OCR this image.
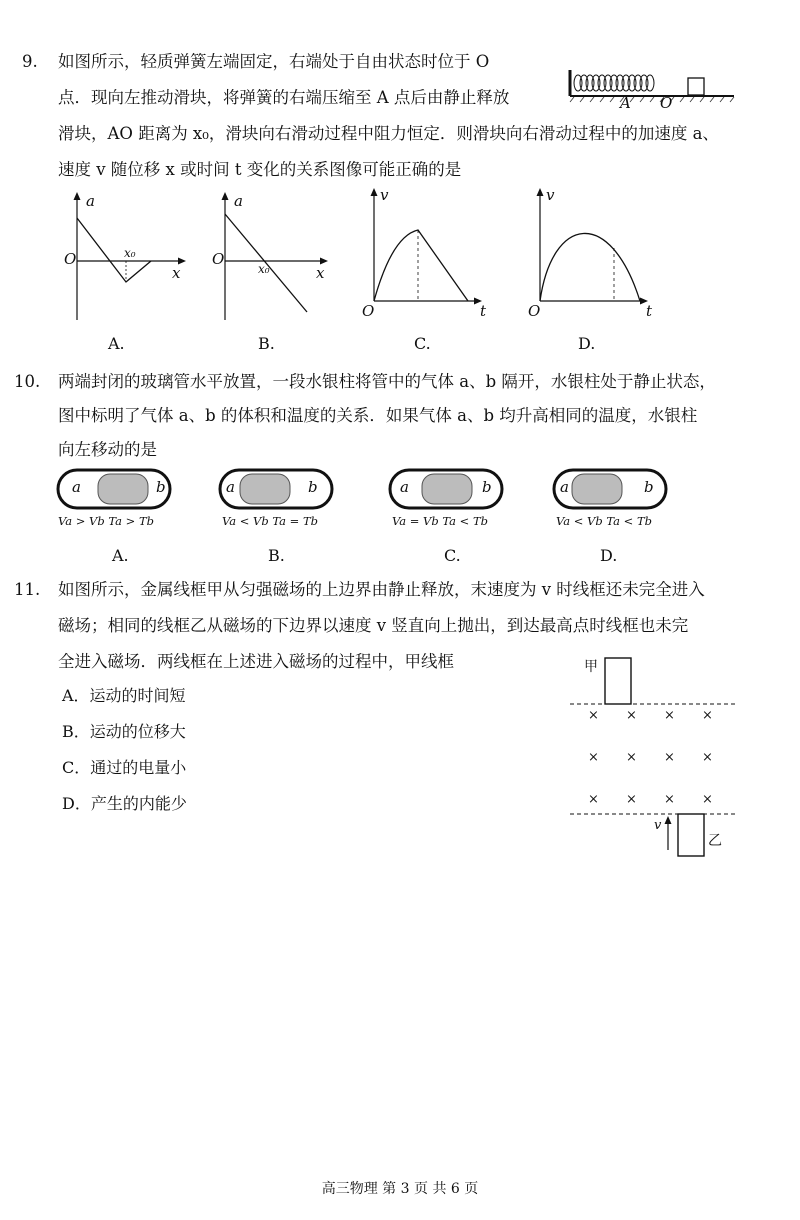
9. 如图所示，轻质弹簧左端固定，右端处于自由状态时位于 O
点．现向左推动滑块，将弹簧的右端压缩至 A 点后由静止释放
滑块，AO 距离为 x₀，滑块向右滑动过程中阻力恒定．则滑块向右滑动过程中的加速度 a、
速度 v 随位移 x 或时间 t 变化的关系图像可能正确的是
A O
a
O	x₀
x
A.
a
O
x₀	x
B.
v
O	t
C.
v
O	t
D.
10. 两端封闭的玻璃管水平放置，一段水银柱将管中的气体 a、b 隔开，水银柱处于静止状态，
图中标明了气体 a、b 的体积和温度的关系．如果气体 a、b 均升高相同的温度，水银柱
向左移动的是
a	b
Va > Vb Ta > Tb
A.
a	b
Va < Vb Ta = Tb
B.
a	b
Va = Vb Ta < Tb
C.
a	b
Va < Vb Ta < Tb
D.
11. 如图所示，金属线框甲从匀强磁场的上边界由静止释放，末速度为 v 时线框还未完全进入
磁场；相同的线框乙从磁场的下边界以速度 v 竖直向上抛出，到达最高点时线框也未完
全进入磁场．两线框在上述进入磁场的过程中，甲线框
A．运动的时间短
B．运动的位移大
C．通过的电量小
D．产生的内能少
甲
乙
v
× × × ×
× × × ×
× × × ×
高三物理 第 3 页 共 6 页
